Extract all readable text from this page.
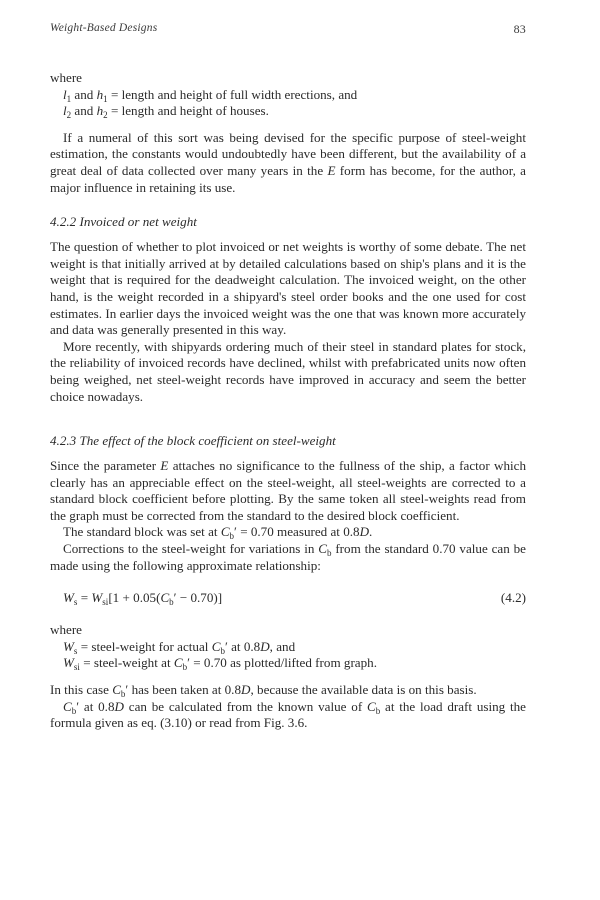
Weight-Based Designs	83

where

$l_1$ and $h_1$ = length and height of full width erections, and
$l_2$ and $h_2$ = length and height of houses.

If a numeral of this sort was being devised for the specific purpose of steel-weight estimation, the constants would undoubtedly have been different, but the availability of a great deal of data collected over many years in the E form has become, for the author, a major influence in retaining its use.

4.2.2 Invoiced or net weight

The question of whether to plot invoiced or net weights is worthy of some debate. The net weight is that initially arrived at by detailed calculations based on ship's plans and it is the weight that is required for the deadweight calculation. The invoiced weight, on the other hand, is the weight recorded in a shipyard's steel order books and the one used for cost estimates. In earlier days the invoiced weight was the one that was known more accurately and data was generally presented in this way.

More recently, with shipyards ordering much of their steel in standard plates for stock, the reliability of invoiced records have declined, whilst with prefabricated units now often being weighed, net steel-weight records have improved in accuracy and seem the better choice nowadays.

4.2.3 The effect of the block coefficient on steel-weight

Since the parameter E attaches no significance to the fullness of the ship, a factor which clearly has an appreciable effect on the steel-weight, all steel-weights are corrected to a standard block coefficient before plotting. By the same token all steel-weights read from the graph must be corrected from the standard to the desired block coefficient.

The standard block was set at $C_b' = 0.70$ measured at 0.8D.

Corrections to the steel-weight for variations in $C_b$ from the standard 0.70 value can be made using the following approximate relationship:

$W_s = W_{si}[1 + 0.05(C_b' - 0.70)]$	(4.2)

where

$W_s$ = steel-weight for actual $C_b'$ at 0.8D, and
$W_{si}$ = steel-weight at $C_b' = 0.70$ as plotted/lifted from graph.

In this case $C_b'$ has been taken at 0.8D, because the available data is on this basis.

$C_b'$ at 0.8D can be calculated from the known value of $C_b$ at the load draft using the formula given as eq. (3.10) or read from Fig. 3.6.
